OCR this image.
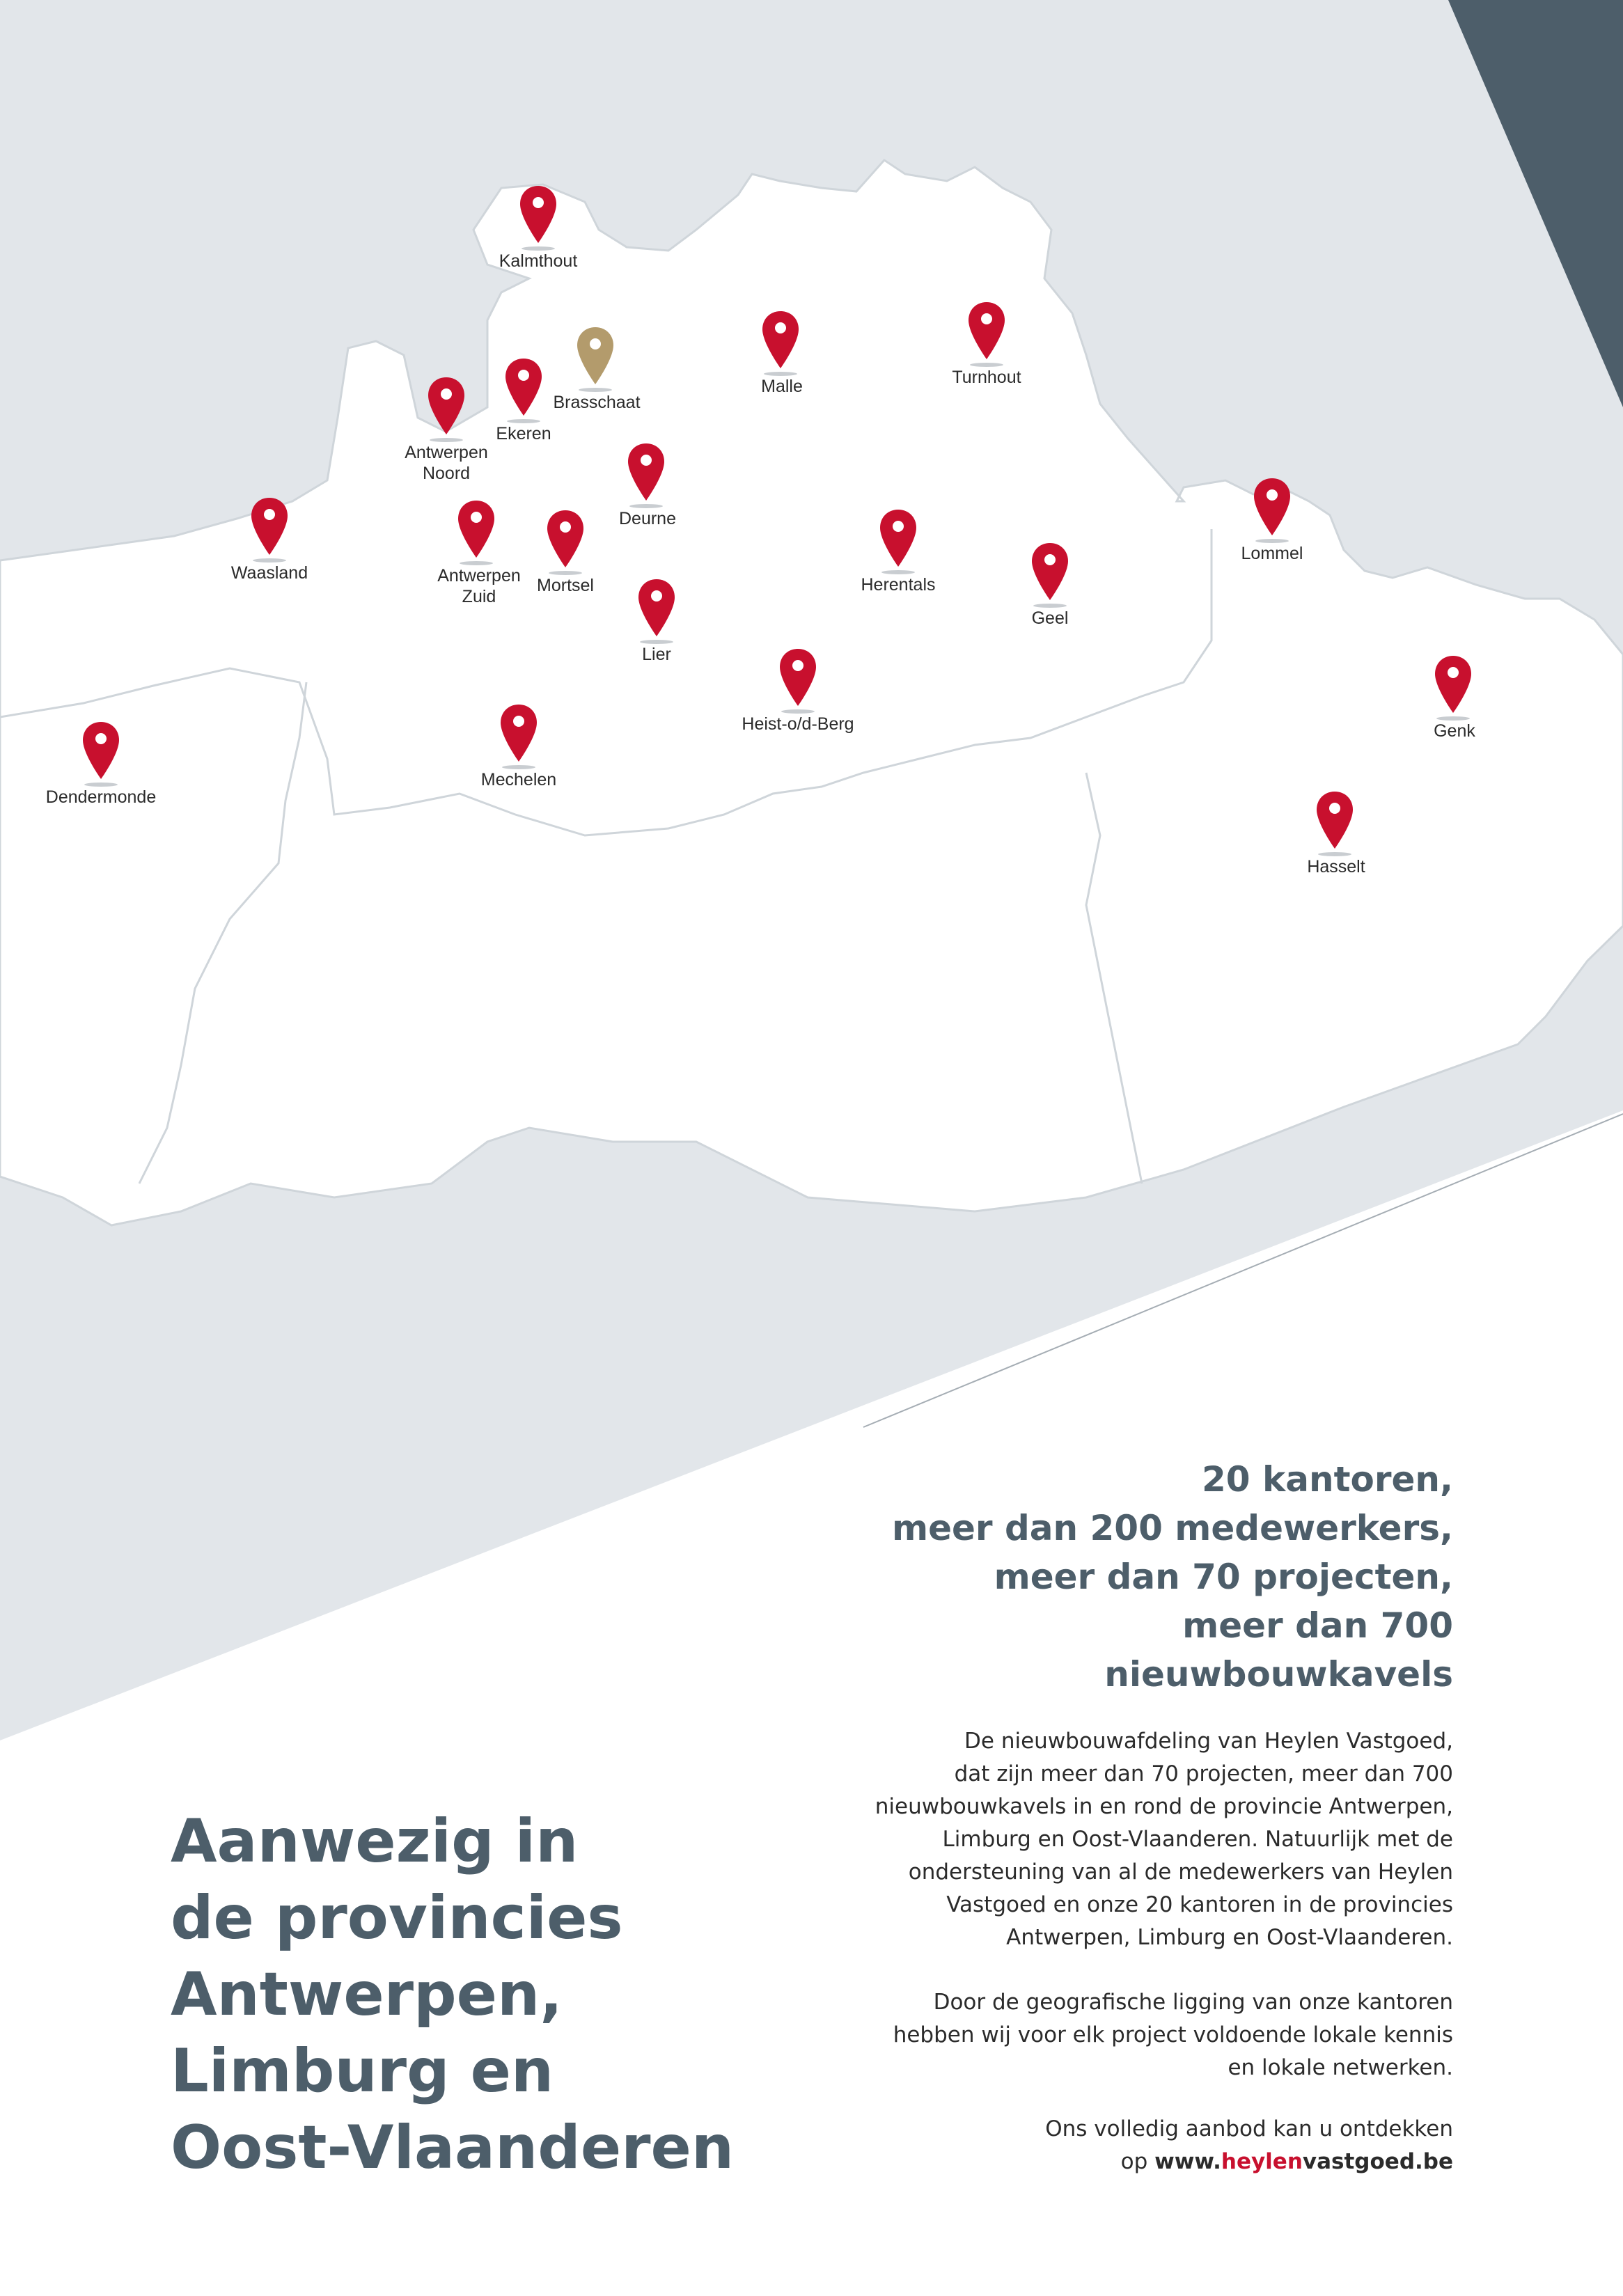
Kalmthout
Brasschaat
Ekeren
Antwerpen
Noord
Malle	Turnhout
Deurne
Waasland	Antwerpen
Zuid
Mortsel
Lier
Herentals
Geel
Lommel
Heist-o/d-Berg
Mechelen
Dendermonde
Genk
Hasselt
20 kantoren,
meer dan 200 medewerkers,
meer dan 70 projecten,
meer dan 700
nieuwbouwkavels
De nieuwbouwafdeling van Heylen Vastgoed,
dat zijn meer dan 70 projecten, meer dan 700
nieuwbouwkavels in en rond de provincie Antwerpen,
Limburg en Oost-Vlaanderen. Natuurlijk met de
ondersteuning van al de medewerkers van Heylen
Vastgoed en onze 20 kantoren in de provincies
Antwerpen, Limburg en Oost-Vlaanderen.
Door de geografische ligging van onze kantoren
hebben wij voor elk project voldoende lokale kennis
en lokale netwerken.
Ons volledig aanbod kan u ontdekken
op www.heylenvastgoed.be
Aanwezig in
de provincies
Antwerpen,
Limburg en
Oost-Vlaanderen
